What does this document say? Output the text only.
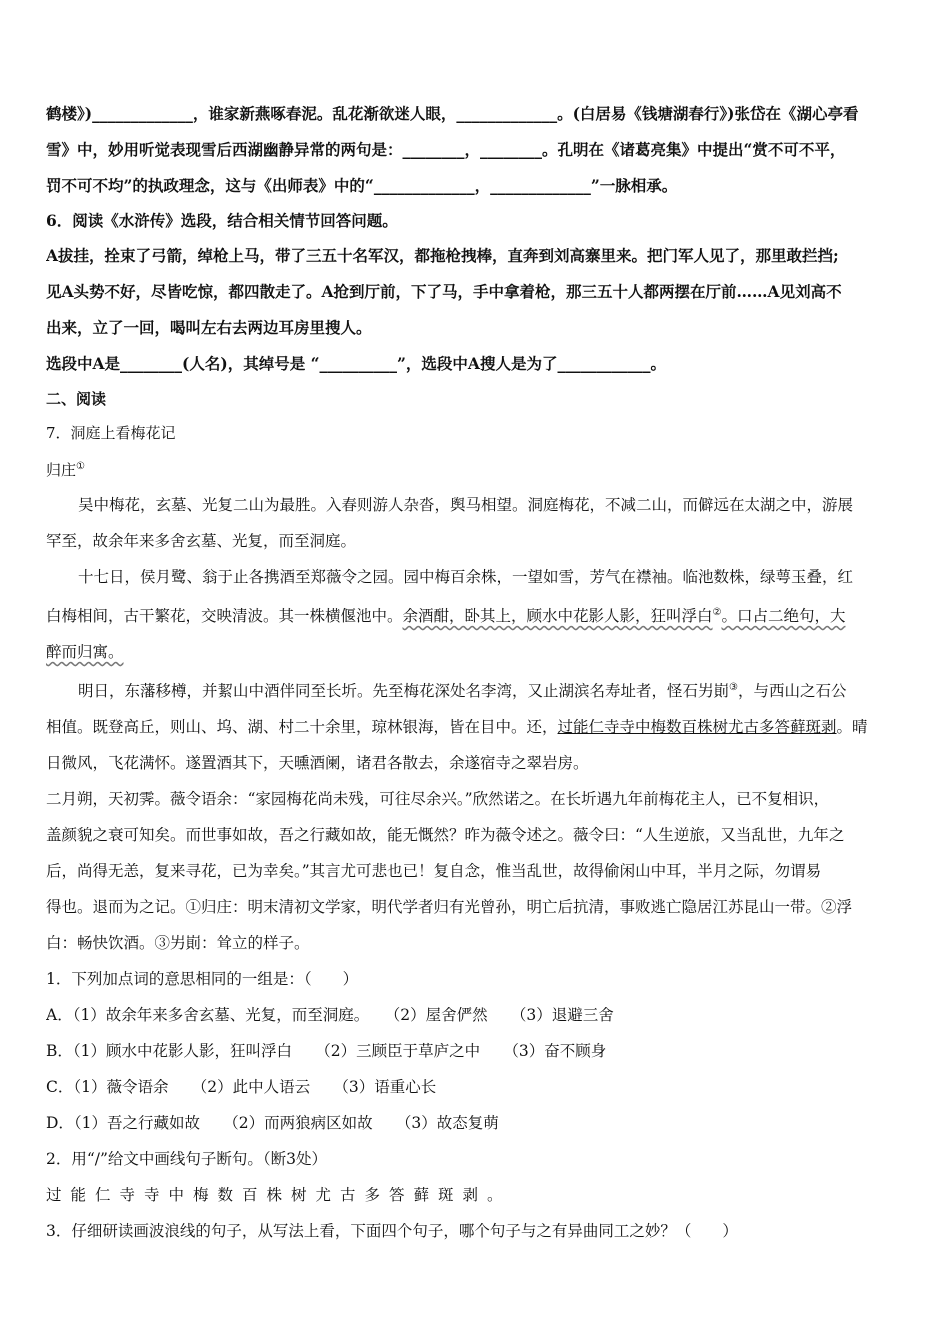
鹤楼》)_____________，谁家新燕啄春泥。乱花渐欲迷人眼，_____________。(白居易《钱塘湖春行》)张岱在《湖心亭看
雪》中，妙用听觉表现雪后西湖幽静异常的两句是：________，________。孔明在《诸葛亮集》中提出“赏不可不平，
罚不可不均”的执政理念，这与《出师表》中的“_____________，_____________”一脉相承。
6．阅读《水浒传》选段，结合相关情节回答问题。
A拔挂，拴束了弓箭，绰枪上马，带了三五十名军汉，都拖枪拽棒，直奔到刘高寨里来。把门军人见了，那里敢拦挡;
见A头势不好，尽皆吃惊，都四散走了。A抢到厅前，下了马，手中拿着枪，那三五十人都两摆在厅前……A见刘高不
出来，立了一回，喝叫左右去两边耳房里搜人。
选段中A是________(人名)，其绰号是 “__________”，选段中A搜人是为了____________。
二、阅读
7．洞庭上看梅花记
归庄①
吴中梅花，玄墓、光复二山为最胜。入春则游人杂沓，舆马相望。洞庭梅花，不减二山，而僻远在太湖之中，游展
罕至，故余年来多舍玄墓、光复，而至洞庭。
十七日，侯月鹭、翁于止各携酒至郑薇令之园。园中梅百余株，一望如雪，芳气在襟袖。临池数株，绿萼玉叠，红
白梅相间，古干繁花，交映清波。其一株横偃池中。余酒酣，卧其上，顾水中花影人影，狂叫浮白②。口占二绝句，大
醉而归寓。
明日，东藩移樽，并絜山中酒伴同至长圻。先至梅花深处名李湾，又止湖滨名寿址者，怪石屴崱③，与西山之石公
相值。既登高丘，则山、坞、湖、村二十余里，琼林银海，皆在目中。还，过能仁寺寺中梅数百株树尤古多答藓斑剥。晴
日微风，飞花满怀。遂置酒其下，天曛酒阑，诸君各散去，余遂宿寺之翠岩房。
二月朔，天初霁。薇令语余：“家园梅花尚未残，可往尽余兴。”欣然诺之。在长圻遇九年前梅花主人，已不复相识，
盖颜貌之衰可知矣。而世事如故，吾之行藏如故，能无慨然？昨为薇令述之。薇令曰：“人生逆旅，又当乱世，九年之
后，尚得无恙，复来寻花，已为幸矣。”其言尤可悲也已！复自念，惟当乱世，故得偷闲山中耳，半月之际，勿谓易
得也。退而为之记。①归庄：明末清初文学家，明代学者归有光曾孙，明亡后抗清，事败逃亡隐居江苏昆山一带。②浮
白：畅快饮酒。③屴崱：耸立的样子。
1．下列加点词的意思相同的一组是：（　　）
A．（1）故余年来多舍玄墓、光复，而至洞庭。　　（2）屋舍俨然　　（3）退避三舍
B．（1）顾水中花影人影，狂叫浮白　　（2）三顾臣于草庐之中　　（3）奋不顾身
C．（1）薇令语余　　（2）此中人语云　　（3）语重心长
D．（1）吾之行藏如故　　（2）而两狼病区如故　　（3）故态复萌
2．用“/”给文中画线句子断句。（断3处）
过能仁寺寺中梅数百株树尤古多答藓斑剥。
3．仔细研读画波浪线的句子，从写法上看，下面四个句子，哪个句子与之有异曲同工之妙？（　　）
